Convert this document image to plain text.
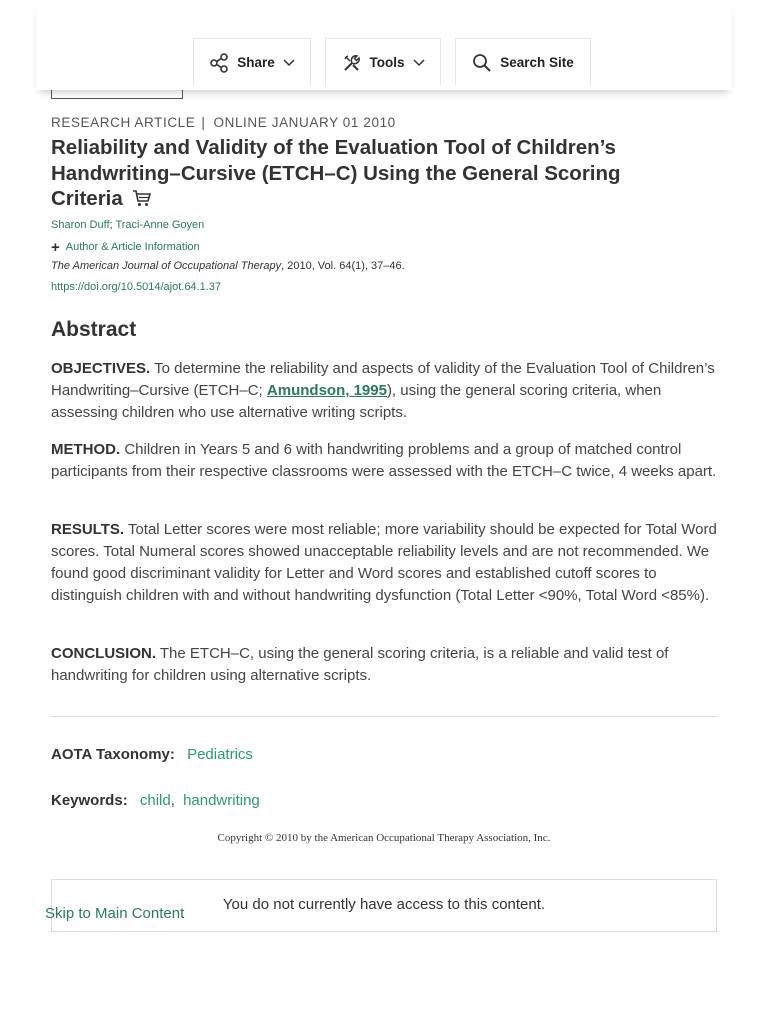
Share	Tools	Search Site
RESEARCH ARTICLE | ONLINE JANUARY 01 2010
Reliability and Validity of the Evaluation Tool of Children’s Handwriting–Cursive (ETCH–C) Using the General Scoring Criteria
Sharon Duff; Traci-Anne Goyen
+ Author & Article Information
The American Journal of Occupational Therapy, 2010, Vol. 64(1), 37–46.
https://doi.org/10.5014/ajot.64.1.37
Abstract

OBJECTIVES. To determine the reliability and aspects of validity of the Evaluation Tool of Children’s Handwriting–Cursive (ETCH–C; Amundson, 1995), using the general scoring criteria, when assessing children who use alternative writing scripts.

METHOD. Children in Years 5 and 6 with handwriting problems and a group of matched control participants from their respective classrooms were assessed with the ETCH–C twice, 4 weeks apart.

RESULTS. Total Letter scores were most reliable; more variability should be expected for Total Word scores. Total Numeral scores showed unacceptable reliability levels and are not recommended. We found good discriminant validity for Letter and Word scores and established cutoff scores to distinguish children with and without handwriting dysfunction (Total Letter <90%, Total Word <85%).

CONCLUSION. The ETCH–C, using the general scoring criteria, is a reliable and valid test of handwriting for children using alternative scripts.

AOTA Taxonomy: Pediatrics
Keywords: child, handwriting
Copyright © 2010 by the American Occupational Therapy Association, Inc.
You do not currently have access to this content.
Skip to Main Content
